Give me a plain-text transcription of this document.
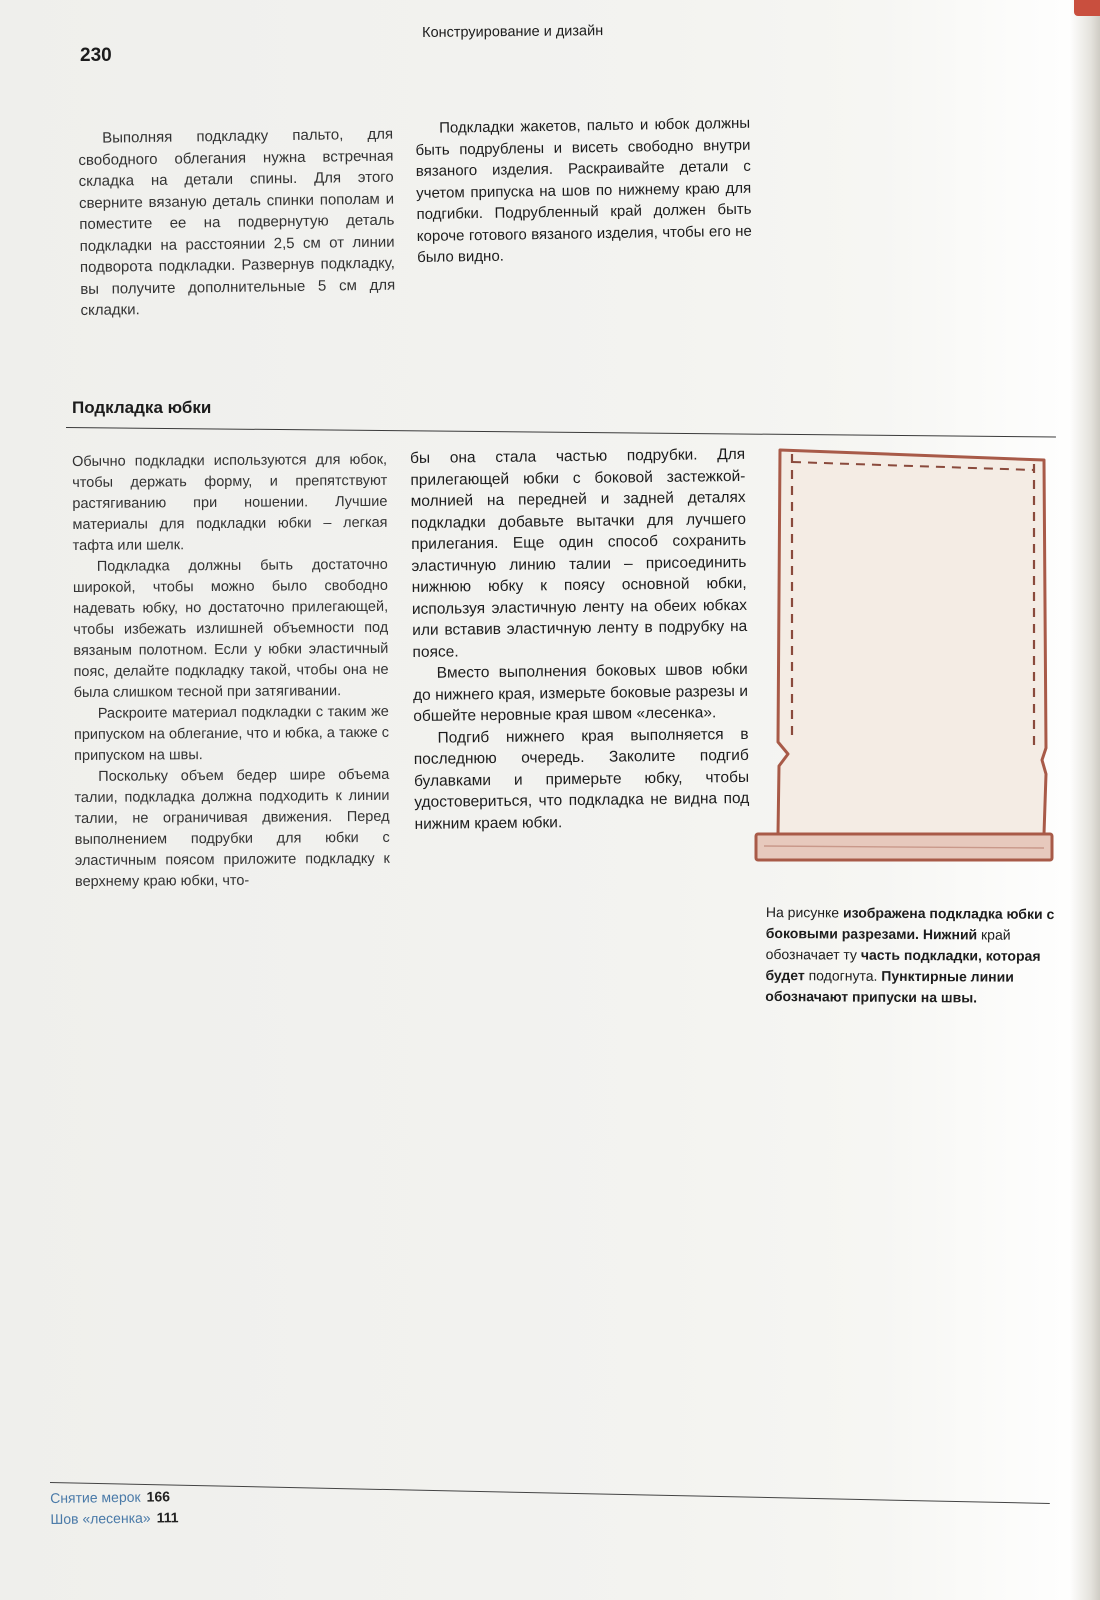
230
Конструирование и дизайн

Выполняя подкладку пальто, для свободного облегания нужна встречная складка на детали спины. Для этого сверните вязаную деталь спинки пополам и поместите ее на подвернутую деталь подкладки на расстоянии 2,5 см от линии подворота подкладки. Развернув подкладку, вы получите дополнительные 5 см для складки.

Подкладки жакетов, пальто и юбок должны быть подрублены и висеть свободно внутри вязаного изделия. Раскраивайте детали с учетом припуска на шов по нижнему краю для подгибки. Подрубленный край должен быть короче готового вязаного изделия, чтобы его не было видно.

Подкладка юбки

Обычно подкладки используются для юбок, чтобы держать форму, и препятствуют растягиванию при ношении. Лучшие материалы для подкладки юбки – легкая тафта или шелк.

Подкладка должны быть достаточно широкой, чтобы можно было свободно надевать юбку, но достаточно прилегающей, чтобы избежать излишней объемности под вязаным полотном. Если у юбки эластичный пояс, делайте подкладку такой, чтобы она не была слишком тесной при затягивании.

Раскроите материал подкладки с таким же припуском на облегание, что и юбка, а также с припуском на швы.

Поскольку объем бедер шире объема талии, подкладка должна подходить к линии талии, не ограничивая движения. Перед выполнением подрубки для юбки с эластичным поясом приложите подкладку к верхнему краю юбки, что-

бы она стала частью подрубки. Для прилегающей юбки с боковой застежкой-молнией на передней и задней деталях подкладки добавьте вытачки для лучшего прилегания. Еще один способ сохранить эластичную линию талии – присоединить нижнюю юбку к поясу основной юбки, используя эластичную ленту на обеих юбках или вставив эластичную ленту в подрубку на поясе.

Вместо выполнения боковых швов юбки до нижнего края, измерьте боковые разрезы и обшейте неровные края швом «лесенка».

Подгиб нижнего края выполняется в последнюю очередь. Заколите подгиб булавками и примерьте юбку, чтобы удостовериться, что подкладка не видна под нижним краем юбки.

На рисунке изображена подкладка юбки с боковыми разрезами. Нижний край обозначает ту часть подкладки, которая будет подогнута. Пунктирные линии обозначают припуски на швы.

Снятие мерок 166
Шов «лесенка» 111
